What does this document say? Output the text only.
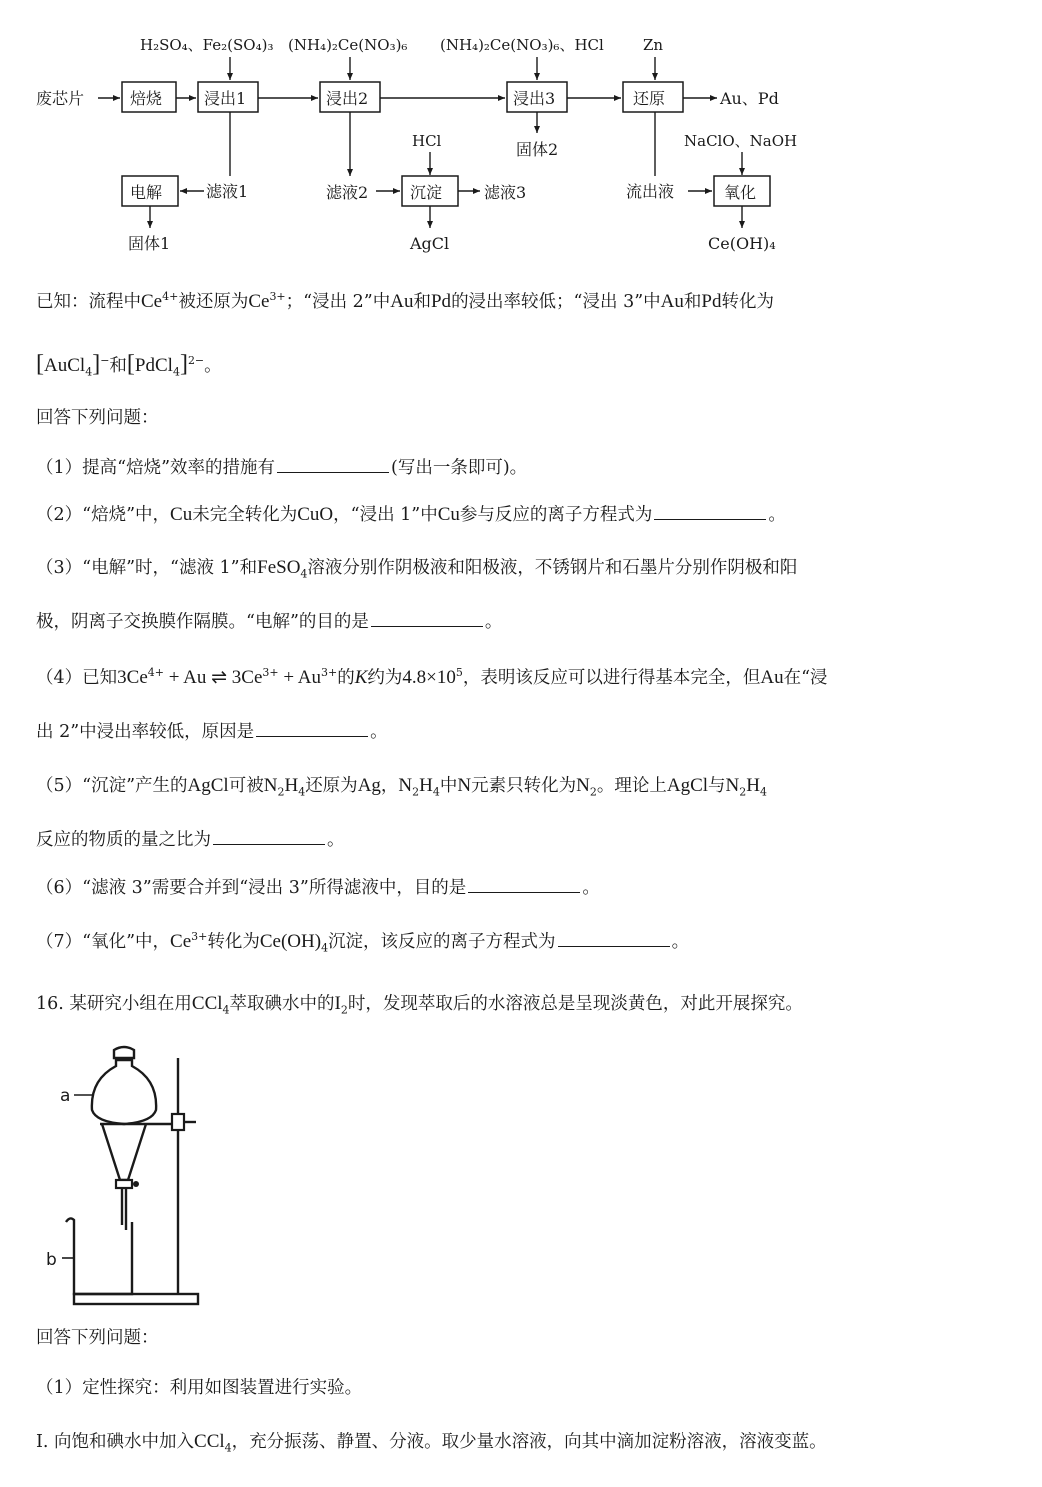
H₂SO₄、Fe₂(SO₄)₃ (NH₄)₂Ce(NO₃)₆ (NH₄)₂Ce(NO₃)₆、HCl	Zn
HCl	NaClO、NaOH
废芯片	焙烧	浸出1	浸出2	浸出3	还原	Au、Pd
固体2
流出液	氧化
Ce(OH)₄
滤液1
电解
固体1
滤液2	沉淀	滤液3
AgCl

已知：流程中$Ce^{4+}$被还原为$Ce^{3+}$；“浸出 2”中Au和Pd的浸出率较低；“浸出 3”中Au和Pd转化为

[AuCl$_4$]−和[PdCl$_4$]$^{2-}$。

回答下列问题：

（1）提高“焙烧”效率的措施有	(写出一条即可)。

（2）“焙烧”中，Cu未完全转化为CuO，“浸出 1”中Cu参与反应的离子方程式为	。

（3）“电解”时，“滤液 1”和FeSO$_4$溶液分别作阴极液和阳极液，不锈钢片和石墨片分别作阴极和阳

极，阴离子交换膜作隔膜。“电解”的目的是	。

（4）已知$3Ce^{4+} + Au$ ⇌ $3Ce^{3+} + Au^{3+}$的K约为$4.8\times 10^5$，表明该反应可以进行得基本完全，但Au在“浸

出 2”中浸出率较低，原因是	。

（5）“沉淀”产生的AgCl可被$N_2H_4$还原为Ag，$N_2H_4$中N元素只转化为$N_2$。理论上AgCl与$N_2H_4$

反应的物质的量之比为	。

（6）“滤液 3”需要合并到“浸出 3”所得滤液中，目的是	。

（7）“氧化”中，$Ce^{3+}$转化为$Ce(OH)_4$沉淀，该反应的离子方程式为	。

16. 某研究小组在用CCl$_4$萃取碘水中的$I_2$时，发现萃取后的水溶液总是呈现淡黄色，对此开展探究。

a
b

回答下列问题：

（1）定性探究：利用如图装置进行实验。

I. 向饱和碘水中加入CCl$_4$，充分振荡、静置、分液。取少量水溶液，向其中滴加淀粉溶液，溶液变蓝。
